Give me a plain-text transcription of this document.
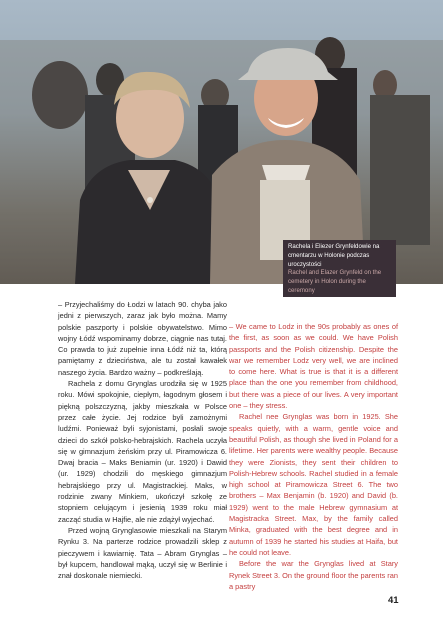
Rachela i Eliezer Grynfeldowie na cmentarzu w Holonie podczas uroczystości

Rachel and Elazer Grynfeld on the cemetery in Holon during the ceremony

– Przyjechaliśmy do Łodzi w latach 90. chyba jako jedni z pierwszych, zaraz jak było można. Mamy polskie paszporty i polskie obywatelstwo. Mimo wojny Łódź wspominamy dobrze, ciągnie nas tutaj. Co prawda to już zupełnie inna Łódź niż ta, którą pamiętamy z dzieciństwa, ale tu został kawałek naszego życia. Bardzo ważny – podkreślają.

Rachela z domu Grynglas urodziła się w 1925 roku. Mówi spokojnie, ciepłym, łagodnym głosem i piękną polszczyzną, jakby mieszkała w Polsce przez całe życie. Jej rodzice byli zamożnymi ludźmi. Ponieważ byli syjonistami, posłali swoje dzieci do szkół polsko-hebrajskich. Rachela uczyła się w gimnazjum żeńskim przy ul. Piramowicza 6. Dwaj bracia – Maks Beniamin (ur. 1920) i Dawid (ur. 1929) chodzili do męskiego gimnazjum hebrajskiego przy ul. Magistrackiej. Maks, w rodzinie zwany Minkiem, ukończył szkołę ze stopniem celującym i jesienią 1939 roku miał zacząć studia w Hajfie, ale nie zdążył wyjechać.

Przed wojną Grynglasowie mieszkali na Starym Rynku 3. Na parterze rodzice prowadzili sklep z pieczywem i kawiarnię. Tata – Abram Grynglas – był kupcem, handlował mąką, uczył się w Berlinie i znał doskonale niemiecki.

– We came to Lodz in the 90s probably as ones of the first, as soon as we could. We have Polish passports and the Polish citizenship. Despite the war we remember Lodz very well, we are inclined to come here. What is true is that it is a different place than the one you remember from childhood, but there was a piece of our lives. A very important one – they stress.

Rachel nee Grynglas was born in 1925. She speaks quietly, with a warm, gentle voice and beautiful Polish, as though she lived in Poland for a lifetime. Her parents were wealthy people. Because they were Zionists, they sent their children to Polish-Hebrew schools. Rachel studied in a female high school at Piramowicza Street 6. The two brothers – Max Benjamin (b. 1920) and David (b. 1929) went to the male Hebrew gymnasium at Magistracka Street. Max, by the family called Minka, graduated with the best degree and in autumn of 1939 he started his studies at Haifa, but he could not leave.

Before the war the Grynglas lived at Stary Rynek Street 3. On the ground floor the parents ran a pastry

41
